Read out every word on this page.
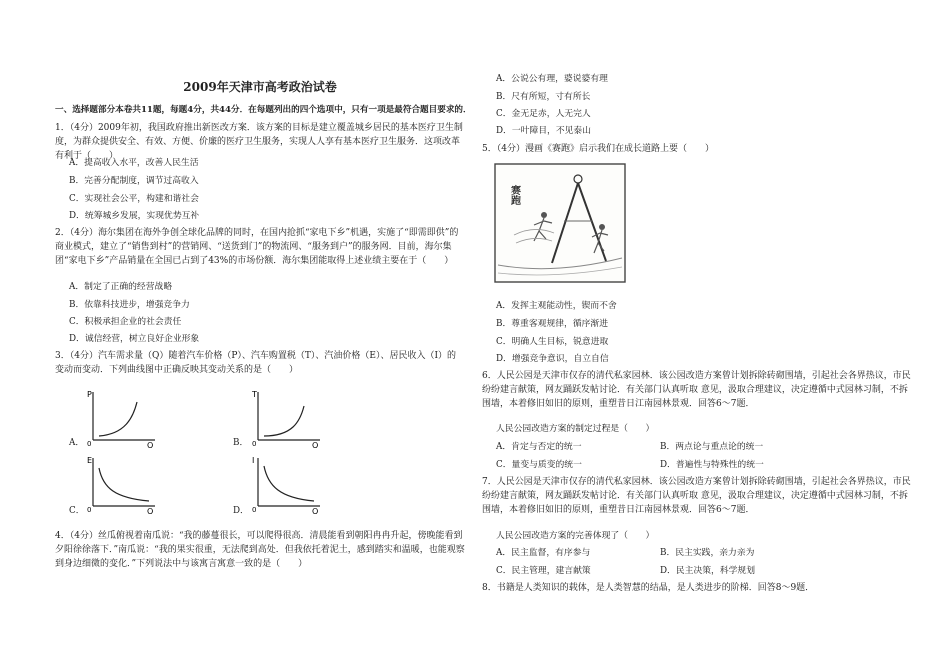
2009年天津市高考政治试卷
一、选择题部分本卷共11题，每题4分，共44分．在每题列出的四个选项中，只有一项是最符合题目要求的．

1．（4分）2009年初，我国政府推出新医改方案．该方案的目标是建立覆盖城乡居民的基本医疗卫生制度，为群众提供安全、有效、方便、价廉的医疗卫生服务，实现人人享有基本医疗卫生服务．这项改革有利于（　　）

A．提高收入水平，改善人民生活
B．完善分配制度，调节过高收入
C．实现社会公平，构建和谐社会
D．统筹城乡发展，实现优势互补

2．（4分）海尔集团在海外争创全球化品牌的同时，在国内抢抓“家电下乡”机遇，实施了“即需即供”的商业模式，建立了“销售到村”的营销网、“送货到门”的物流网、“服务到户”的服务网．目前，海尔集团“家电下乡”产品销量在全国已占到了43%的市场份额．海尔集团能取得上述业绩主要在于（　　）

A．制定了正确的经营战略
B．依靠科技进步，增强竞争力
C．积极承担企业的社会责任
D．诚信经营，树立良好企业形象

3．（4分）汽车需求量（Q）随着汽车价格（P）、汽车购置税（T）、汽油价格（E）、居民收入（I）的变动而变动．下列曲线图中正确反映其变动关系的是（　　）

A．
P
0	Q	B．
T
0	Q
C．
E
0	Q	D．
I
0	Q

4．（4分）丝瓜俯视着南瓜说：“我的藤蔓很长，可以爬得很高．清晨能看到朝阳冉冉升起，傍晚能看到夕阳徐徐落下．”南瓜说：“我的果实很重，无法爬到高处．但我依托着泥土，感到踏实和温暖，也能观察到身边细微的变化．”下列说法中与该寓言寓意一致的是（　　）

A．公说公有理，婆说婆有理
B．尺有所短，寸有所长
C．金无足赤，人无完人
D．一叶障目，不见泰山

5．（4分）漫画《赛跑》启示我们在成长道路上要（　　）

赛跑
A．发挥主观能动性，锲而不舍
B．尊重客观规律，循序渐进
C．明确人生目标，锐意进取
D．增强竞争意识，自立自信

6．人民公园是天津市仅存的清代私家园林．该公园改造方案曾计划拆除砖砌围墙，引起社会各界热议，市民纷纷建言献策，网友踊跃发帖讨论．有关部门认真听取 意见，汲取合理建议，决定遵循中式园林习制，不拆围墙，本着修旧如旧的原则，重塑昔日江南园林景观．回答6～7题．

人民公园改造方案的制定过程是（　　）
A．肯定与否定的统一	B．两点论与重点论的统一
C．量变与质变的统一	D．普遍性与特殊性的统一

7．人民公园是天津市仅存的清代私家园林．该公园改造方案曾计划拆除砖砌围墙，引起社会各界热议，市民纷纷建言献策，网友踊跃发帖讨论．有关部门认真听取 意见，汲取合理建议，决定遵循中式园林习制，不拆围墙，本着修旧如旧的原则，重塑昔日江南园林景观．回答6～7题．

人民公园改造方案的完善体现了（　　）
A．民主监督，有序参与	B．民主实践，亲力亲为
C．民主管理，建言献策	D．民主决策，科学规划

8．书籍是人类知识的载体，是人类智慧的结晶，是人类进步的阶梯．回答8～9题．
